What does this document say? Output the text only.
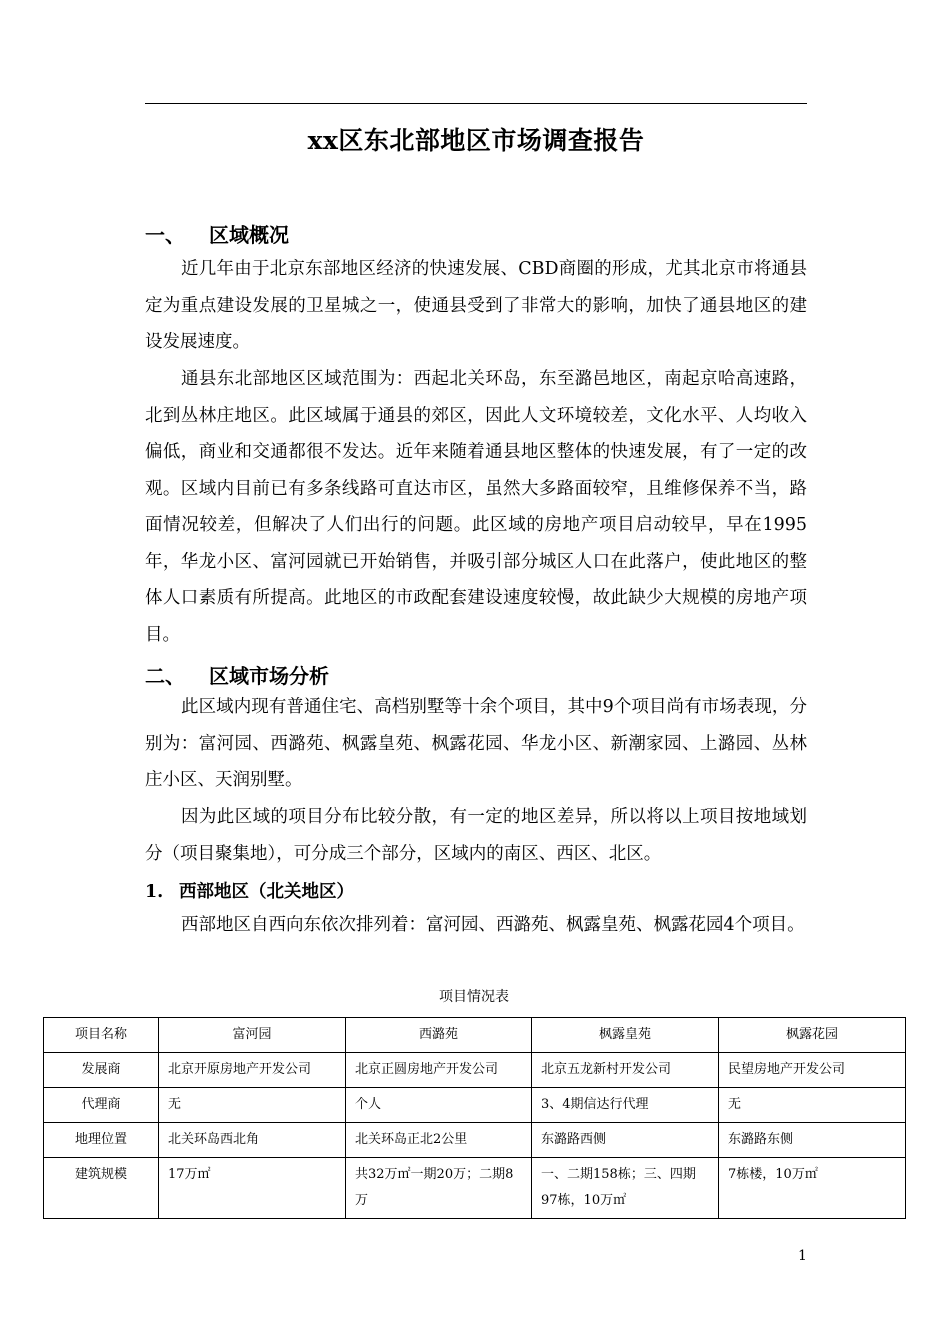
xx区东北部地区市场调查报告
一、 区域概况

近几年由于北京东部地区经济的快速发展、CBD商圈的形成，尤其北京市将通县定为重点建设发展的卫星城之一，使通县受到了非常大的影响，加快了通县地区的建设发展速度。

通县东北部地区区域范围为：西起北关环岛，东至潞邑地区，南起京哈高速路，北到丛林庄地区。此区域属于通县的郊区，因此人文环境较差，文化水平、人均收入偏低，商业和交通都很不发达。近年来随着通县地区整体的快速发展，有了一定的改观。区域内目前已有多条线路可直达市区，虽然大多路面较窄，且维修保养不当，路面情况较差，但解决了人们出行的问题。此区域的房地产项目启动较早，早在1995年，华龙小区、富河园就已开始销售，并吸引部分城区人口在此落户，使此地区的整体人口素质有所提高。此地区的市政配套建设速度较慢，故此缺少大规模的房地产项目。

二、 区域市场分析

此区域内现有普通住宅、高档别墅等十余个项目，其中9个项目尚有市场表现，分别为：富河园、西潞苑、枫露皇苑、枫露花园、华龙小区、新潮家园、上潞园、丛林庄小区、天润别墅。

因为此区域的项目分布比较分散，有一定的地区差异，所以将以上项目按地域划分（项目聚集地），可分成三个部分，区域内的南区、西区、北区。

1. 西部地区（北关地区）

西部地区自西向东依次排列着：富河园、西潞苑、枫露皇苑、枫露花园4个项目。

项目情况表

项目名称	富河园	西潞苑	枫露皇苑	枫露花园
发展商	北京开原房地产开发公司	北京正圆房地产开发公司	北京五龙新村开发公司	民望房地产开发公司
代理商	无	个人	3、4期信达行代理	无
地理位置	北关环岛西北角	北关环岛正北2公里	东潞路西侧	东潞路东侧
建筑规模	17万㎡	共32万㎡一期20万；二期8万	一、二期158栋；三、四期97栋，10万㎡	7栋楼，10万㎡
1
